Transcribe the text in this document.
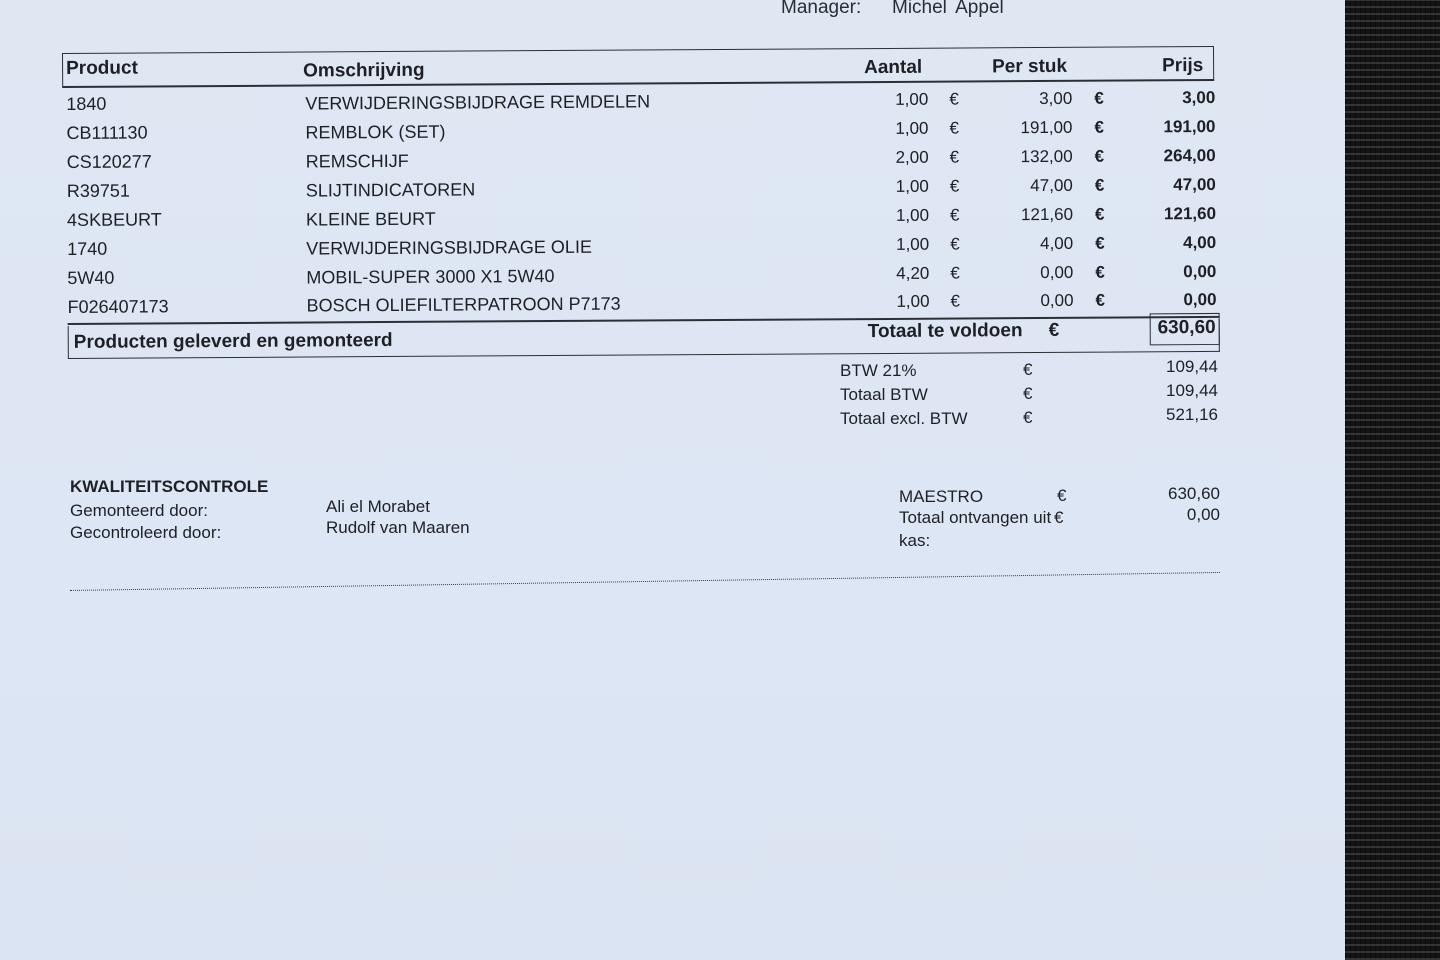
Manager: Michel Appel
Product	Omschrijving	Aantal	Per stuk	Prijs
1840	VERWIJDERINGSBIJDRAGE REMDELEN	1,00 €	3,00 €	3,00
CB111130	REMBLOK (SET)	1,00 €	191,00 €	191,00
CS120277	REMSCHIJF	2,00 €	132,00 €	264,00
R39751	SLIJTINDICATOREN	1,00 €	47,00 €	47,00
4SKBEURT	KLEINE BEURT	1,00 €	121,60 €	121,60
1740	VERWIJDERINGSBIJDRAGE OLIE	1,00 €	4,00 €	4,00
5W40	MOBIL-SUPER 3000 X1 5W40	4,20 €	0,00 €	0,00
F026407173	BOSCH OLIEFILTERPATROON P7173	1,00 €	0,00 €	0,00
Producten geleverd en gemonteerd	Totaal te voldoen €	630,60
BTW 21%	€	109,44
Totaal BTW	€	109,44
Totaal excl. BTW	€	521,16
KWALITEITSCONTROLE
Gemonteerd door:	Ali el Morabet
Gecontroleerd door:	Rudolf van Maaren
MAESTRO	€	630,60
Totaal ontvangen uit €	0,00
kas:
